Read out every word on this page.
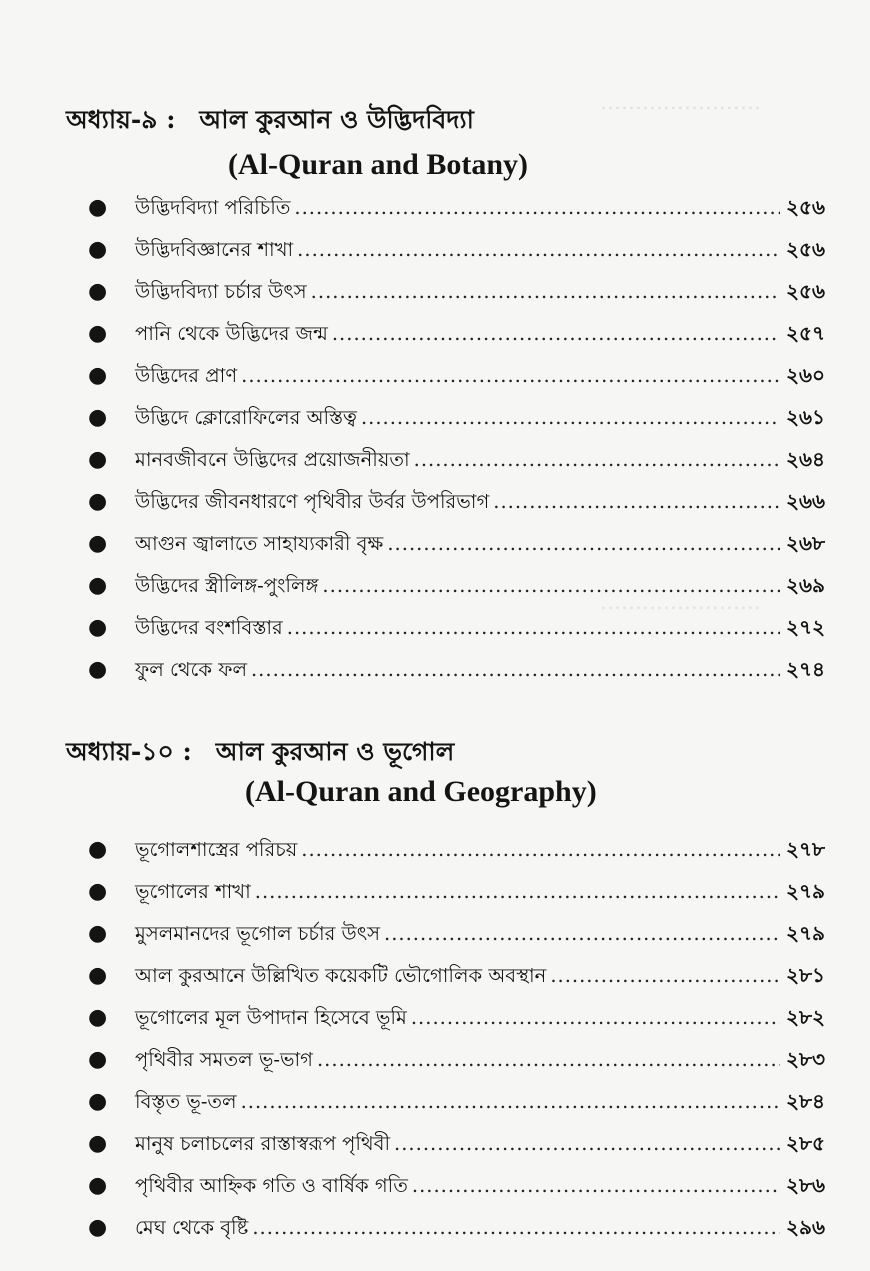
.......................
.......................
অধ্যায়-৯ : আল কুরআন ও উদ্ভিদবিদ্যা
(Al-Quran and Botany)
●	উদ্ভিদবিদ্যা পরিচিতি .....	২৫৬
●	উদ্ভিদবিজ্ঞানের শাখা .....	২৫৬
●	উদ্ভিদবিদ্যা চর্চার উৎস .....	২৫৬
●	পানি থেকে উদ্ভিদের জন্ম .....	২৫৭
●	উদ্ভিদের প্রাণ .....	২৬০
●	উদ্ভিদে ক্লোরোফিলের অস্তিত্ব .....	২৬১
●	মানবজীবনে উদ্ভিদের প্রয়োজনীয়তা .....	২৬৪
●	উদ্ভিদের জীবনধারণে পৃথিবীর উর্বর উপরিভাগ .....	২৬৬
●	আগুন জ্বালাতে সাহায্যকারী বৃক্ষ .....	২৬৮
●	উদ্ভিদের স্ত্রীলিঙ্গ-পুংলিঙ্গ .....	২৬৯
●	উদ্ভিদের বংশবিস্তার .....	২৭২
●	ফুল থেকে ফল .....	২৭৪
অধ্যায়-১০ : আল কুরআন ও ভূগোল
(Al-Quran and Geography)
●	ভূগোলশাস্ত্রের পরিচয় .....	২৭৮
●	ভূগোলের শাখা .....	২৭৯
●	মুসলমানদের ভূগোল চর্চার উৎস .....	২৭৯
●	আল কুরআনে উল্লিখিত কয়েকটি ভৌগোলিক অবস্থান .....	২৮১
●	ভূগোলের মূল উপাদান হিসেবে ভূমি .....	২৮২
●	পৃথিবীর সমতল ভূ-ভাগ .....	২৮৩
●	বিস্তৃত ভূ-তল .....	২৮৪
●	মানুষ চলাচলের রাস্তাস্বরূপ পৃথিবী .....	২৮৫
●	পৃথিবীর আহ্নিক গতি ও বার্ষিক গতি .....	২৮৬
●	মেঘ থেকে বৃষ্টি .....	২৯৬
